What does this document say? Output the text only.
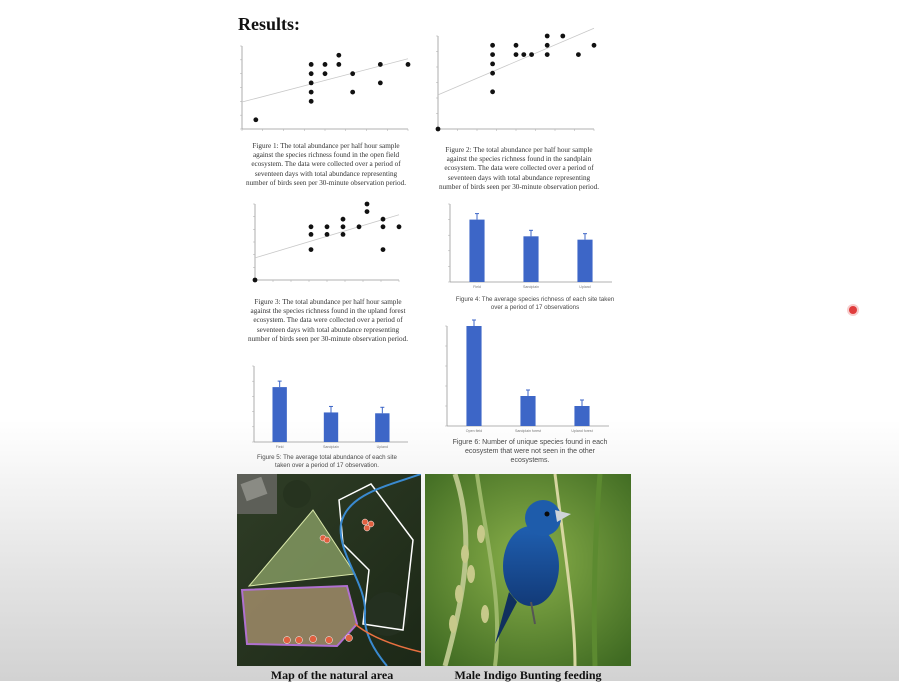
Results:
Field	Sandplain	Upland
Field	Sandplain	Upland
Open field	Sandplain forest	Upland forest
Figure 1: The total abundance per half hour sample against the species richness found in the open field ecosystem. The data were collected over a period of seventeen days with total abundance representing number of birds seen per 30-minute observation period.
Figure 2: The total abundance per half hour sample against the species richness found in the sandplain ecosystem. The data were collected over a period of seventeen days with total abundance representing number of birds seen per 30-minute observation period.
Figure 3: The total abundance per half hour sample against the species richness found in the upland forest ecosystem. The data were collected over a period of seventeen days with total abundance representing number of birds seen per 30-minute observation period.
Figure 4: The average species richness of each site taken over a period of 17 observations
Figure 5: The average total abundance of each site taken over a period of 17 observation.
Figure 6: Number of unique species found in each ecosystem that were not seen in the other ecosystems.
Map of the natural area	Male Indigo Bunting feeding
